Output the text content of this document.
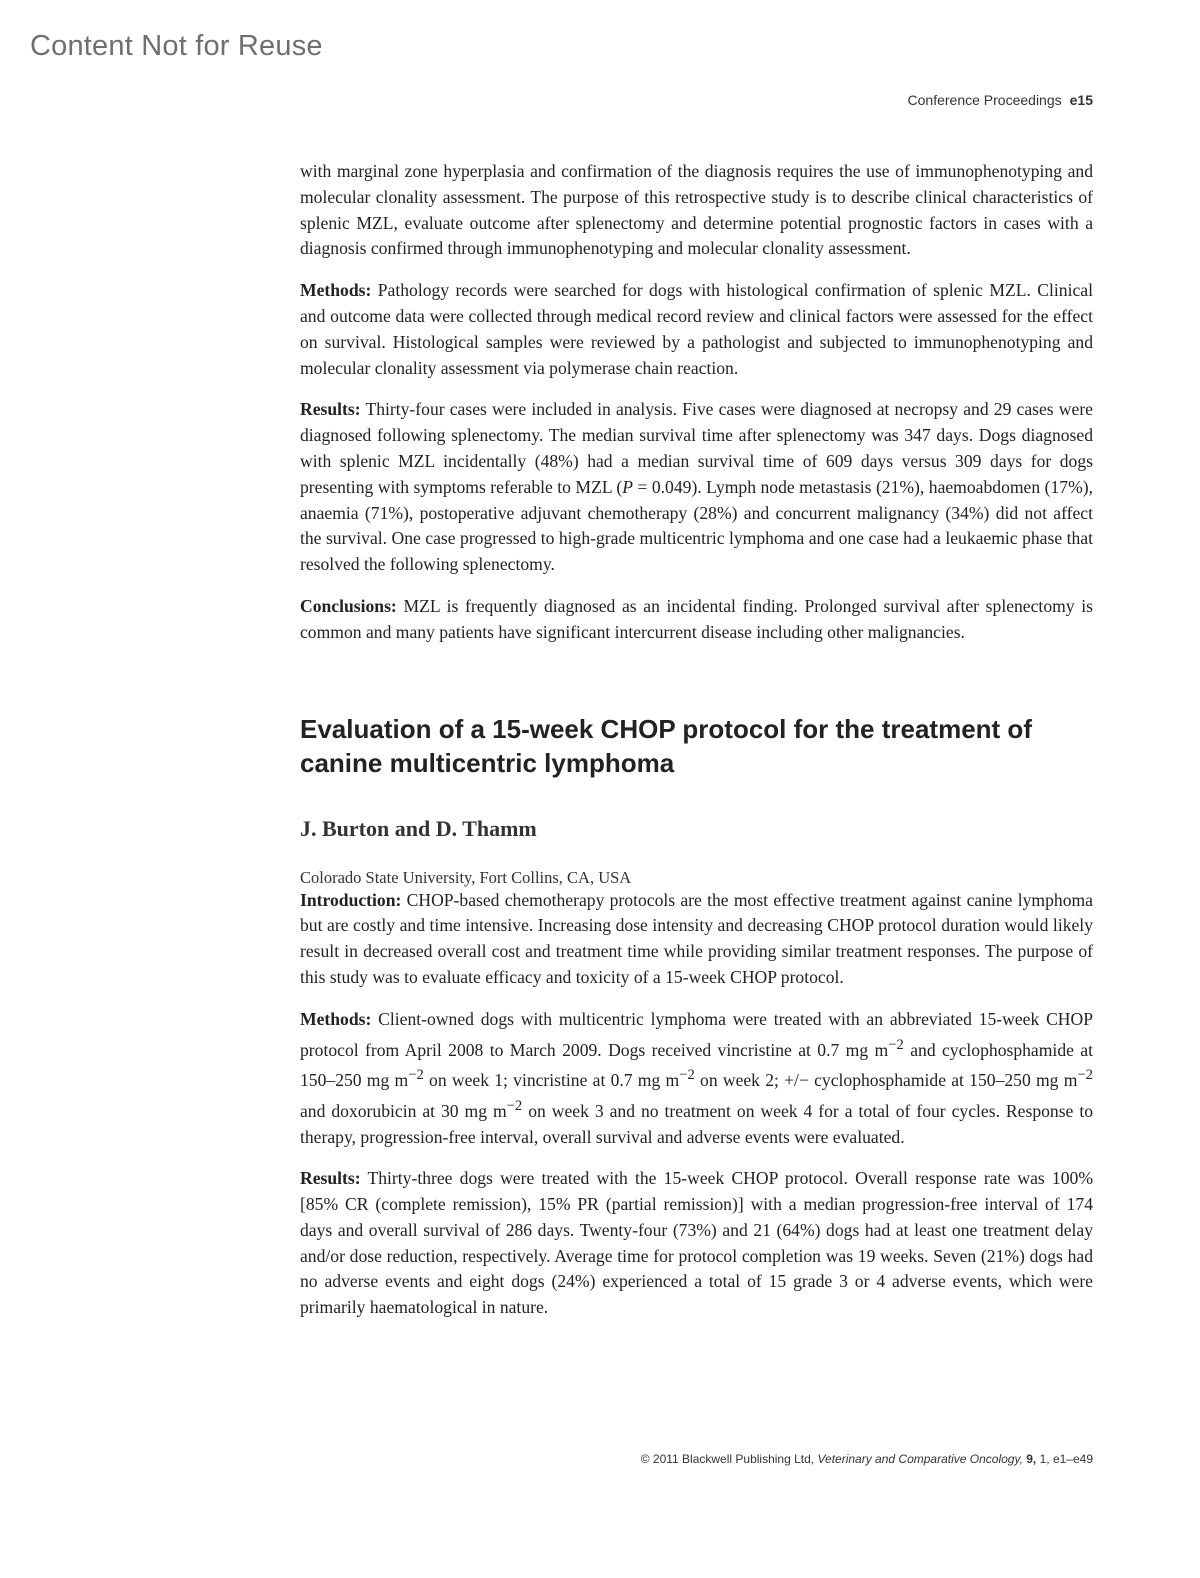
Content Not for Reuse
Conference Proceedings e15

with marginal zone hyperplasia and confirmation of the diagnosis requires the use of immunophenotyping and molecular clonality assessment. The purpose of this retrospective study is to describe clinical characteristics of splenic MZL, evaluate outcome after splenectomy and determine potential prognostic factors in cases with a diagnosis confirmed through immunophenotyping and molecular clonality assessment.

Methods: Pathology records were searched for dogs with histological confirmation of splenic MZL. Clinical and outcome data were collected through medical record review and clinical factors were assessed for the effect on survival. Histological samples were reviewed by a pathologist and subjected to immunophenotyping and molecular clonality assessment via polymerase chain reaction.

Results: Thirty-four cases were included in analysis. Five cases were diagnosed at necropsy and 29 cases were diagnosed following splenectomy. The median survival time after splenectomy was 347 days. Dogs diagnosed with splenic MZL incidentally (48%) had a median survival time of 609 days versus 309 days for dogs presenting with symptoms referable to MZL (P = 0.049). Lymph node metastasis (21%), haemoabdomen (17%), anaemia (71%), postoperative adjuvant chemotherapy (28%) and concurrent malignancy (34%) did not affect the survival. One case progressed to high-grade multicentric lymphoma and one case had a leukaemic phase that resolved the following splenectomy.

Conclusions: MZL is frequently diagnosed as an incidental finding. Prolonged survival after splenectomy is common and many patients have significant intercurrent disease including other malignancies.

Evaluation of a 15-week CHOP protocol for the treatment of canine multicentric lymphoma
J. Burton and D. Thamm
Colorado State University, Fort Collins, CA, USA

Introduction: CHOP-based chemotherapy protocols are the most effective treatment against canine lymphoma but are costly and time intensive. Increasing dose intensity and decreasing CHOP protocol duration would likely result in decreased overall cost and treatment time while providing similar treatment responses. The purpose of this study was to evaluate efficacy and toxicity of a 15-week CHOP protocol.

Methods: Client-owned dogs with multicentric lymphoma were treated with an abbreviated 15-week CHOP protocol from April 2008 to March 2009. Dogs received vincristine at 0.7 mg $m^{-2}$ and cyclophosphamide at 150–250 mg $m^{-2}$ on week 1; vincristine at 0.7 mg $m^{-2}$ on week 2; +/− cyclophosphamide at 150–250 mg $m^{-2}$ and doxorubicin at 30 mg $m^{-2}$ on week 3 and no treatment on week 4 for a total of four cycles. Response to therapy, progression-free interval, overall survival and adverse events were evaluated.

Results: Thirty-three dogs were treated with the 15-week CHOP protocol. Overall response rate was 100% [85% CR (complete remission), 15% PR (partial remission)] with a median progression-free interval of 174 days and overall survival of 286 days. Twenty-four (73%) and 21 (64%) dogs had at least one treatment delay and/or dose reduction, respectively. Average time for protocol completion was 19 weeks. Seven (21%) dogs had no adverse events and eight dogs (24%) experienced a total of 15 grade 3 or 4 adverse events, which were primarily haematological in nature.

© 2011 Blackwell Publishing Ltd, Veterinary and Comparative Oncology, 9, 1, e1–e49
